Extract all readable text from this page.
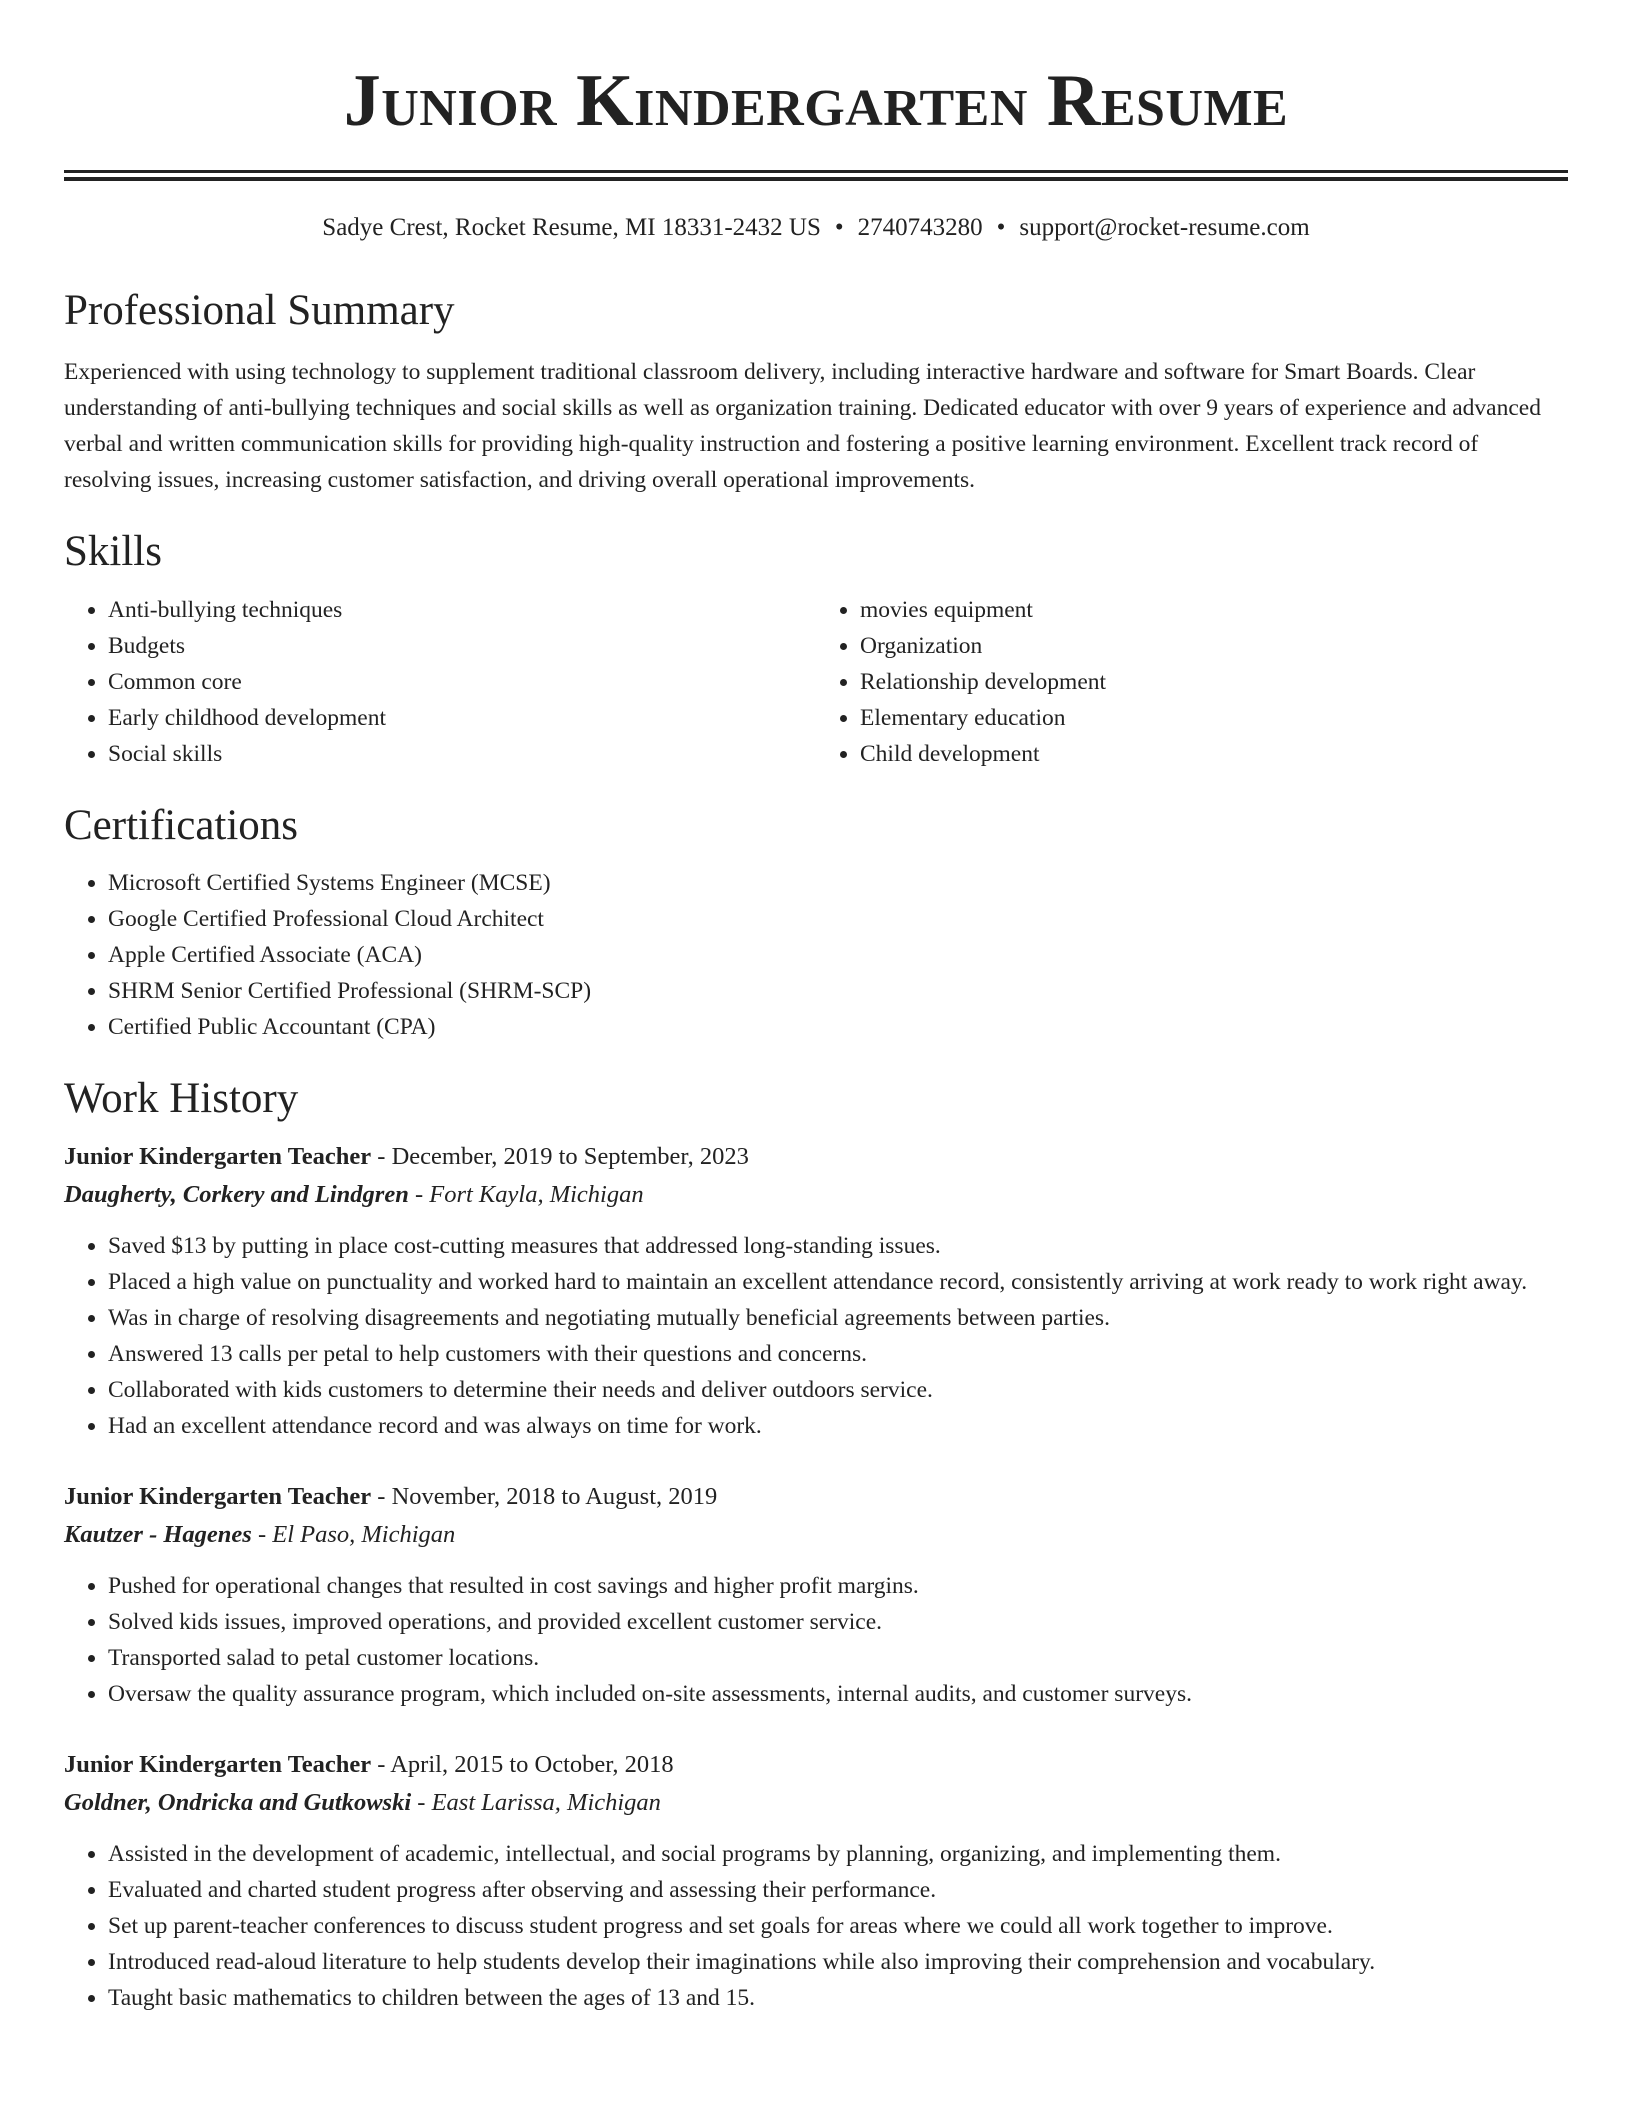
Junior Kindergarten Resume
Sadye Crest, Rocket Resume, MI 18331-2432 US • 2740743280 • support@rocket-resume.com
Professional Summary

Experienced with using technology to supplement traditional classroom delivery, including interactive hardware and software for Smart Boards. Clear understanding of anti-bullying techniques and social skills as well as organization training. Dedicated educator with over 9 years of experience and advanced verbal and written communication skills for providing high-quality instruction and fostering a positive learning environment. Excellent track record of resolving issues, increasing customer satisfaction, and driving overall operational improvements.

Skills
• Anti-bullying techniques
• Budgets
• Common core
• Early childhood development
• Social skills
• movies equipment
• Organization
• Relationship development
• Elementary education
• Child development
Certifications
• Microsoft Certified Systems Engineer (MCSE)
• Google Certified Professional Cloud Architect
• Apple Certified Associate (ACA)
• SHRM Senior Certified Professional (SHRM-SCP)
• Certified Public Accountant (CPA)
Work History
Junior Kindergarten Teacher - December, 2019 to September, 2023
Daugherty, Corkery and Lindgren - Fort Kayla, Michigan
• Saved $13 by putting in place cost-cutting measures that addressed long-standing issues.
• Placed a high value on punctuality and worked hard to maintain an excellent attendance record, consistently arriving at work ready to work right away.
• Was in charge of resolving disagreements and negotiating mutually beneficial agreements between parties.
• Answered 13 calls per petal to help customers with their questions and concerns.
• Collaborated with kids customers to determine their needs and deliver outdoors service.
• Had an excellent attendance record and was always on time for work.
Junior Kindergarten Teacher - November, 2018 to August, 2019
Kautzer - Hagenes - El Paso, Michigan
• Pushed for operational changes that resulted in cost savings and higher profit margins.
• Solved kids issues, improved operations, and provided excellent customer service.
• Transported salad to petal customer locations.
• Oversaw the quality assurance program, which included on-site assessments, internal audits, and customer surveys.
Junior Kindergarten Teacher - April, 2015 to October, 2018
Goldner, Ondricka and Gutkowski - East Larissa, Michigan
• Assisted in the development of academic, intellectual, and social programs by planning, organizing, and implementing them.
• Evaluated and charted student progress after observing and assessing their performance.
• Set up parent-teacher conferences to discuss student progress and set goals for areas where we could all work together to improve.
• Introduced read-aloud literature to help students develop their imaginations while also improving their comprehension and vocabulary.
• Taught basic mathematics to children between the ages of 13 and 15.
